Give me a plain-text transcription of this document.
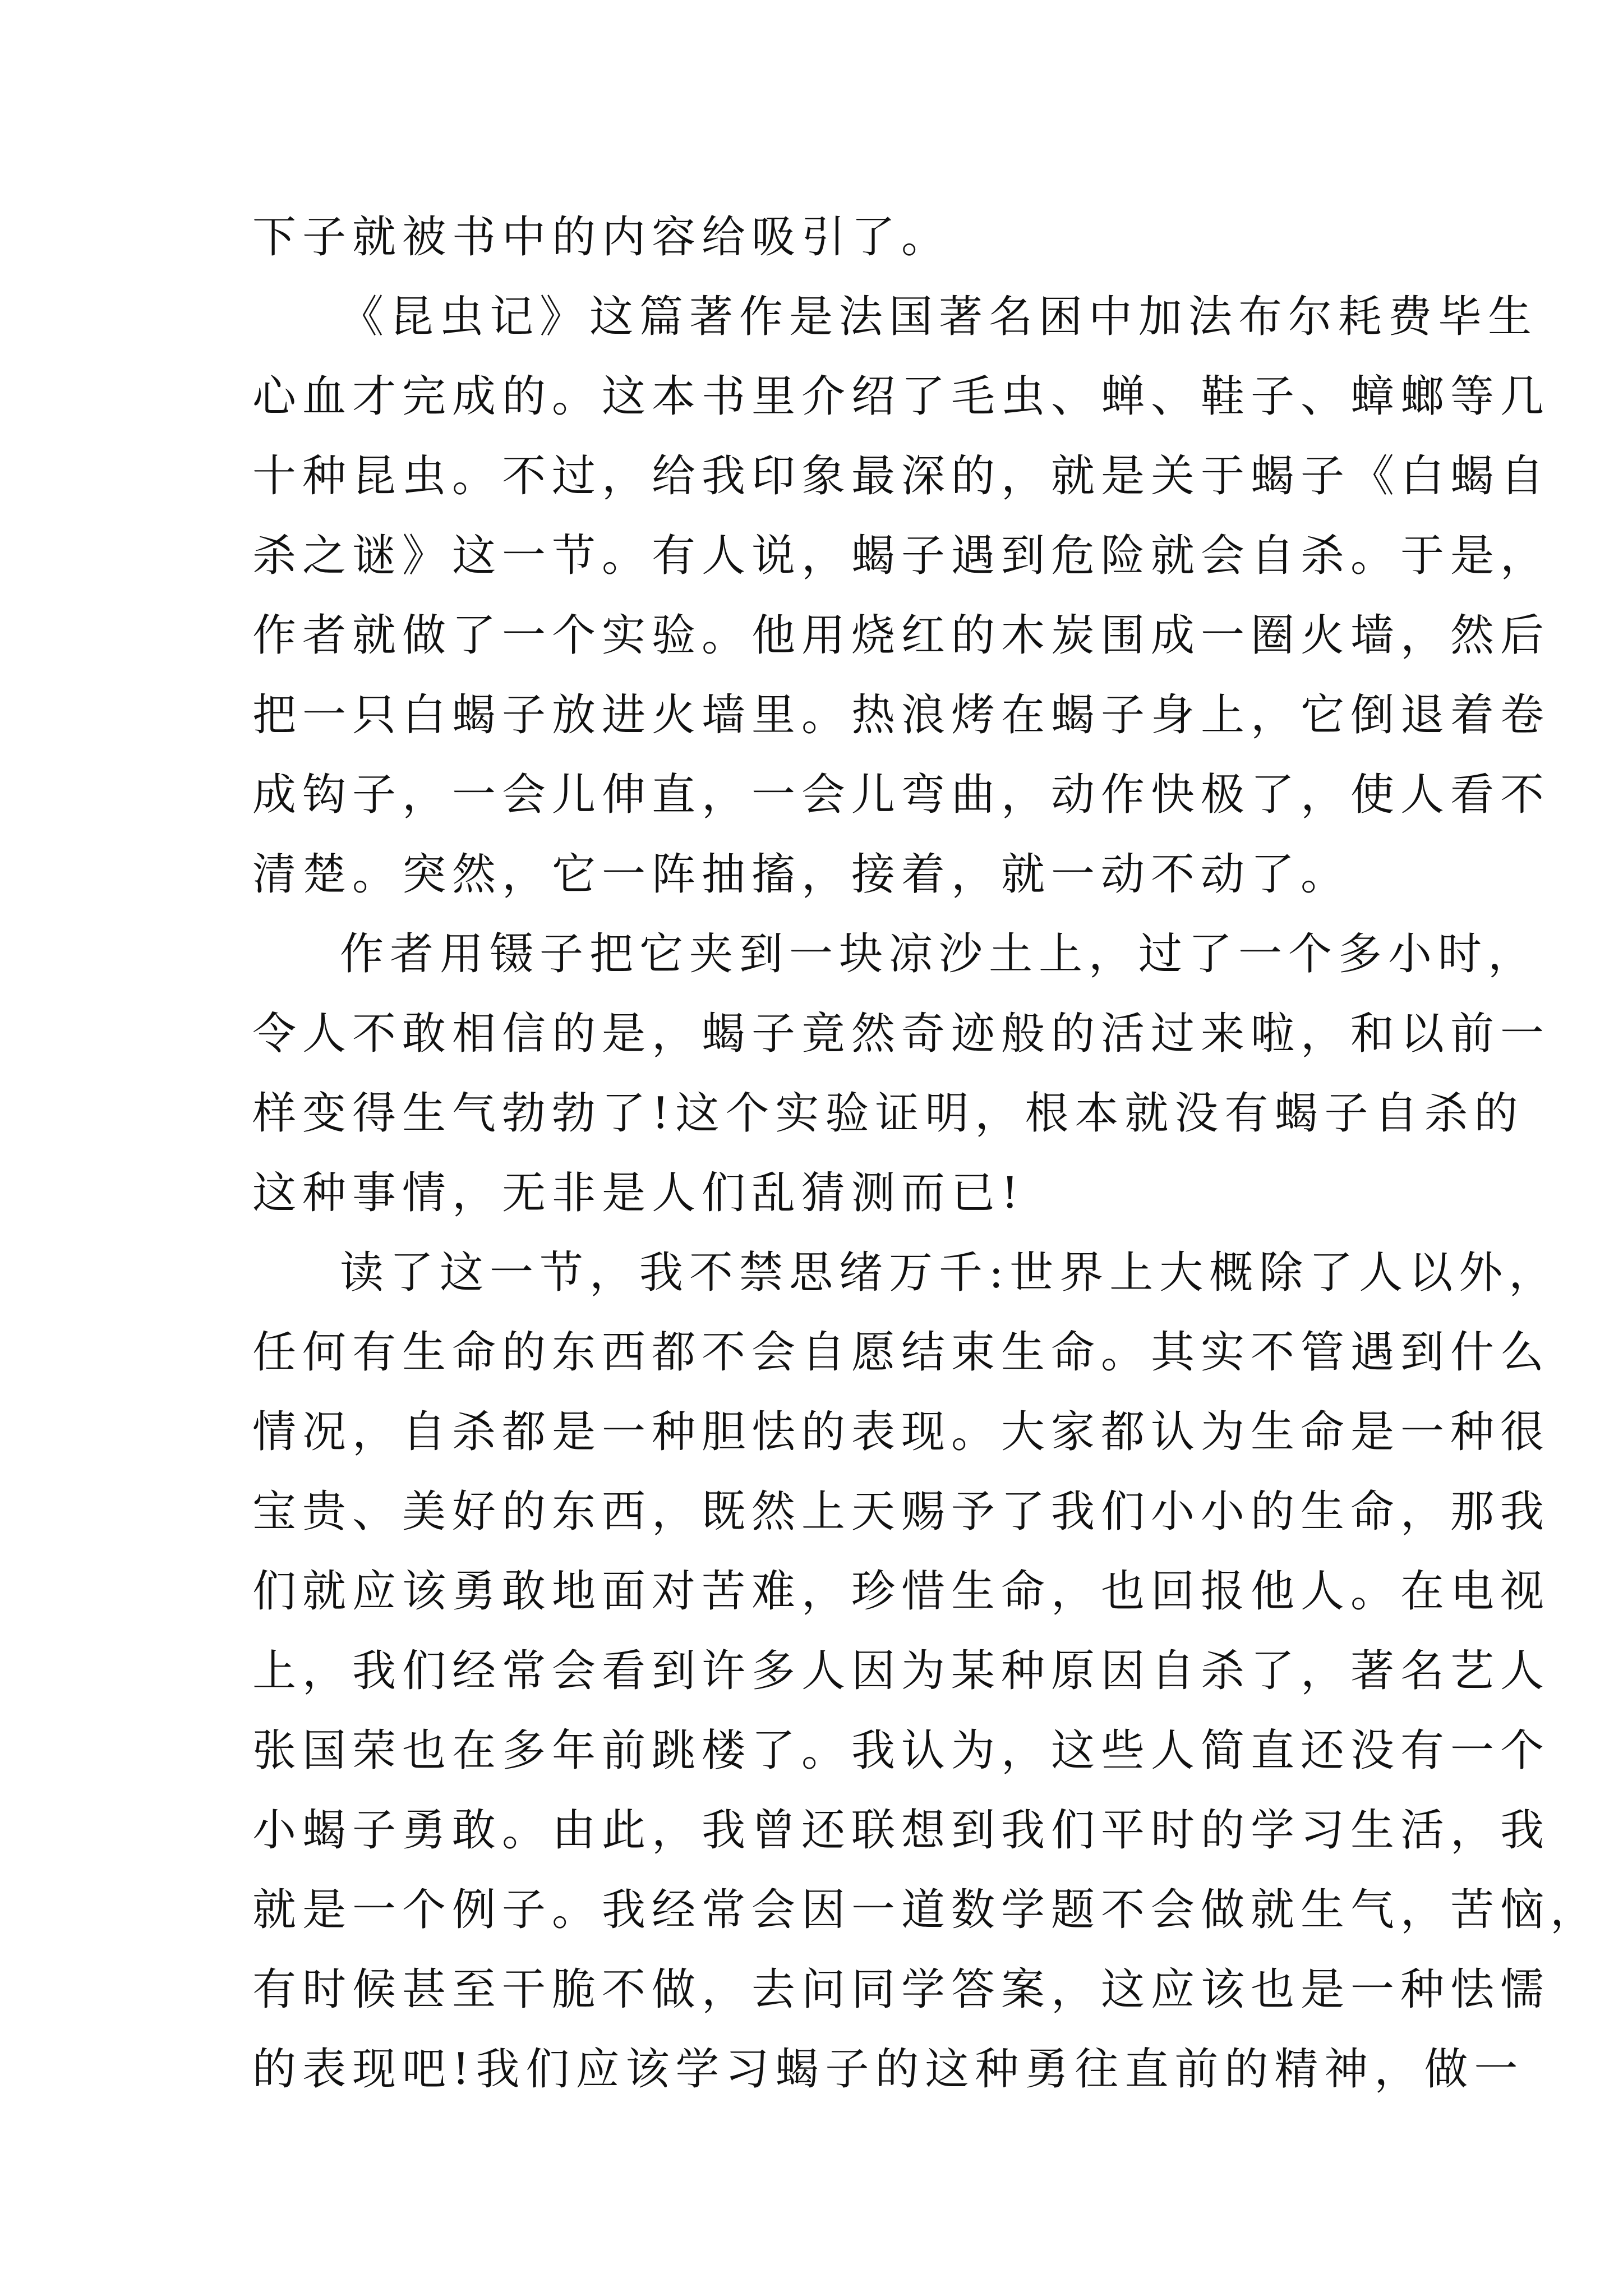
下子就被书中的内容给吸引了。
《昆虫记》这篇著作是法国著名困中加法布尔耗费毕生
心血才完成的。这本书里介绍了毛虫、蝉、鞋子、蟑螂等几
十种昆虫。不过，给我印象最深的，就是关于蝎子《白蝎自
杀之谜》这一节。有人说，蝎子遇到危险就会自杀。于是，
作者就做了一个实验。他用烧红的木炭围成一圈火墙，然后
把一只白蝎子放进火墙里。热浪烤在蝎子身上，它倒退着卷
成钩子，一会儿伸直，一会儿弯曲，动作快极了，使人看不
清楚。突然，它一阵抽搐，接着，就一动不动了。
作者用镊子把它夹到一块凉沙土上，过了一个多小时，
令人不敢相信的是，蝎子竟然奇迹般的活过来啦，和以前一
样变得生气勃勃了!这个实验证明，根本就没有蝎子自杀的
这种事情，无非是人们乱猜测而已!
读了这一节，我不禁思绪万千:世界上大概除了人以外，
任何有生命的东西都不会自愿结束生命。其实不管遇到什么
情况，自杀都是一种胆怯的表现。大家都认为生命是一种很
宝贵、美好的东西，既然上天赐予了我们小小的生命，那我
们就应该勇敢地面对苦难，珍惜生命，也回报他人。在电视
上，我们经常会看到许多人因为某种原因自杀了，著名艺人
张国荣也在多年前跳楼了。我认为，这些人简直还没有一个
小蝎子勇敢。由此，我曾还联想到我们平时的学习生活，我
就是一个例子。我经常会因一道数学题不会做就生气，苦恼，
有时候甚至干脆不做，去问同学答案，这应该也是一种怯懦
的表现吧!我们应该学习蝎子的这种勇往直前的精神，做一
